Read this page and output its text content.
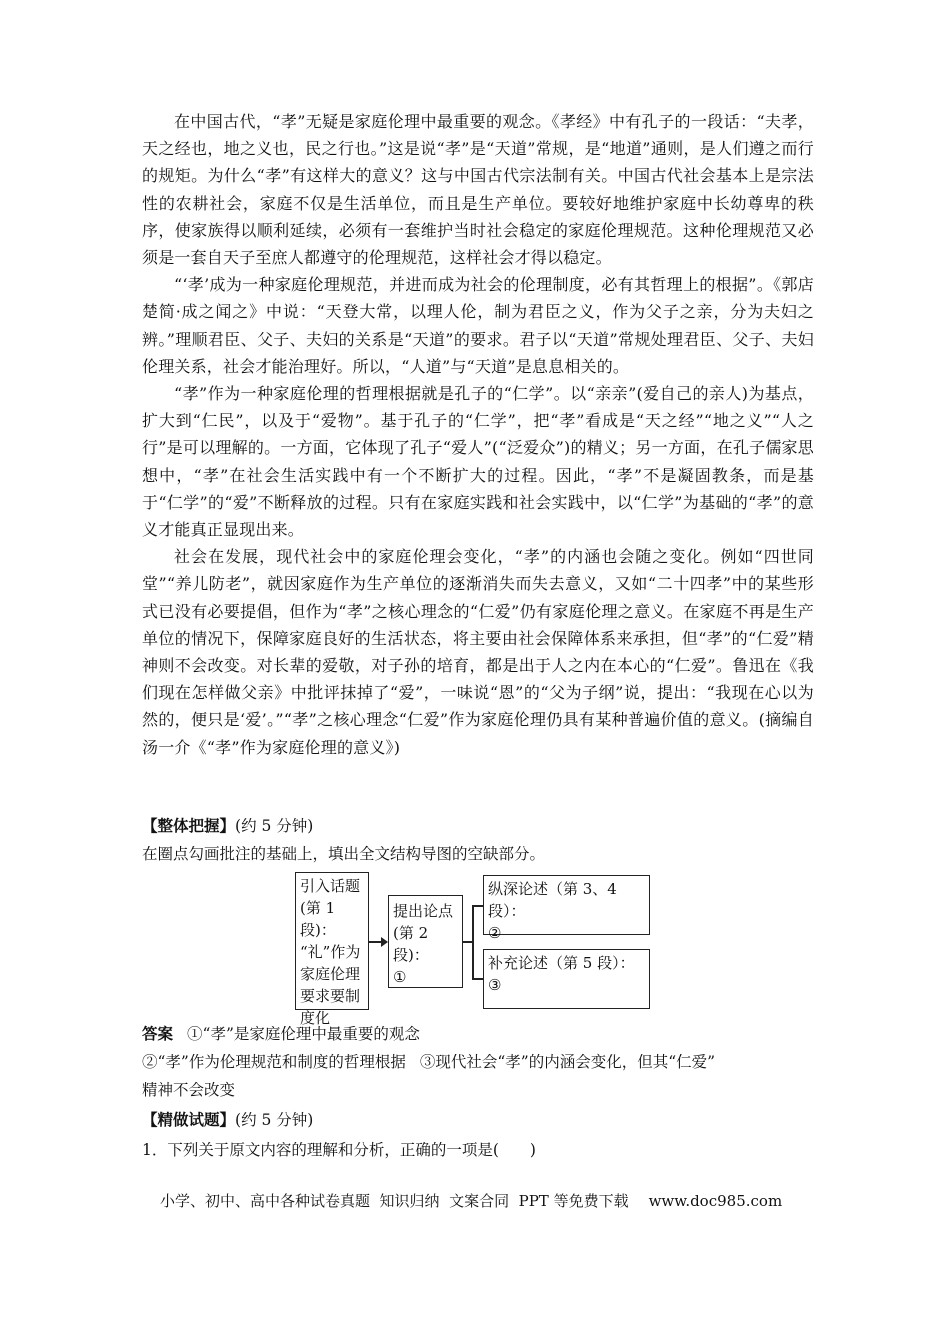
在中国古代，“孝”无疑是家庭伦理中最重要的观念。《孝经》中有孔子的一段话：“夫孝，天之经也，地之义也，民之行也。”这是说“孝”是“天道”常规，是“地道”通则，是人们遵之而行的规矩。为什么“孝”有这样大的意义？这与中国古代宗法制有关。中国古代社会基本上是宗法性的农耕社会，家庭不仅是生活单位，而且是生产单位。要较好地维护家庭中长幼尊卑的秩序，使家族得以顺利延续，必须有一套维护当时社会稳定的家庭伦理规范。这种伦理规范又必须是一套自天子至庶人都遵守的伦理规范，这样社会才得以稳定。

“‘孝’成为一种家庭伦理规范，并进而成为社会的伦理制度，必有其哲理上的根据”。《郭店楚简·成之闻之》中说：“天登大常，以理人伦，制为君臣之义，作为父子之亲，分为夫妇之辨。”理顺君臣、父子、夫妇的关系是“天道”的要求。君子以“天道”常规处理君臣、父子、夫妇伦理关系，社会才能治理好。所以，“人道”与“天道”是息息相关的。

“孝”作为一种家庭伦理的哲理根据就是孔子的“仁学”。以“亲亲”(爱自己的亲人)为基点，扩大到“仁民”，以及于“爱物”。基于孔子的“仁学”，把“孝”看成是“天之经”“地之义”“人之行”是可以理解的。一方面，它体现了孔子“爱人”(“泛爱众”)的精义；另一方面，在孔子儒家思想中，“孝”在社会生活实践中有一个不断扩大的过程。因此，“孝”不是凝固教条，而是基于“仁学”的“爱”不断释放的过程。只有在家庭实践和社会实践中，以“仁学”为基础的“孝”的意义才能真正显现出来。

社会在发展，现代社会中的家庭伦理会变化，“孝”的内涵也会随之变化。例如“四世同堂”“养儿防老”，就因家庭作为生产单位的逐渐消失而失去意义，又如“二十四孝”中的某些形式已没有必要提倡，但作为“孝”之核心理念的“仁爱”仍有家庭伦理之意义。在家庭不再是生产单位的情况下，保障家庭良好的生活状态，将主要由社会保障体系来承担，但“孝”的“仁爱”精神则不会改变。对长辈的爱敬，对子孙的培育，都是出于人之内在本心的“仁爱”。鲁迅在《我们现在怎样做父亲》中批评抹掉了“爱”，一味说“恩”的“父为子纲”说，提出：“我现在心以为然的，便只是‘爱’。”“孝”之核心理念“仁爱”作为家庭伦理仍具有某种普遍价值的意义。(摘编自汤一介《“孝”作为家庭伦理的意义》)

【整体把握】(约 5 分钟)

在圈点勾画批注的基础上，填出全文结构导图的空缺部分。

引入话题
(第 1 段)：
“礼”作为
家庭伦理
要求要制
度化
提出论点
(第 2 段)：
①
纵深论述（第 3、4 段）：
②
补充论述（第 5 段）：
③

答案 ①“孝”是家庭伦理中最重要的观念

②“孝”作为伦理规范和制度的哲理根据 ③现代社会“孝”的内涵会变化，但其“仁爱”

精神不会改变

【精做试题】(约 5 分钟)

1．下列关于原文内容的理解和分析，正确的一项是(　　)

小学、初中、高中各种试卷真题  知识归纳  文案合同  PPT 等免费下载 www.doc985.com
